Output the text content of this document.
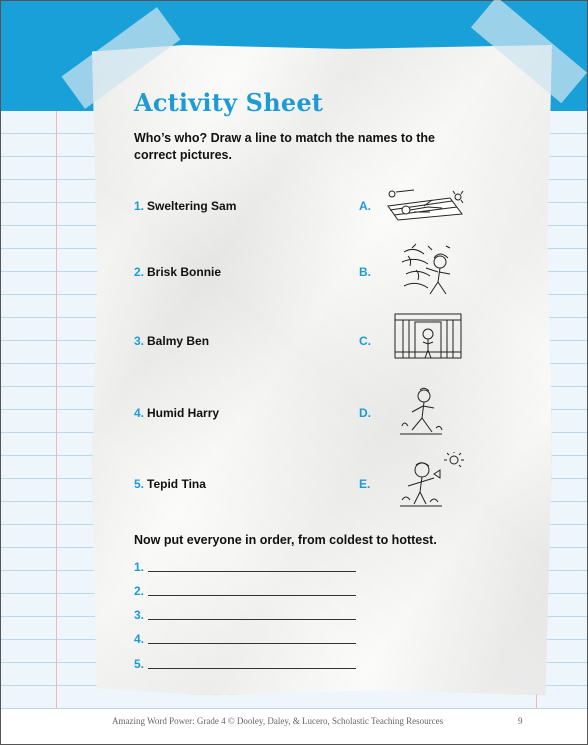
Activity Sheet
Who’s who? Draw a line to match the names to the correct pictures.
1. Sweltering Sam
2. Brisk Bonnie
3. Balmy Ben
4. Humid Harry
5. Tepid Tina
A.
B.
C.
D.
E.
Now put everyone in order, from coldest to hottest.
1.
2.
3.
4.
5.
Amazing Word Power: Grade 4 © Dooley, Daley, & Lucero, Scholastic Teaching Resources	9
